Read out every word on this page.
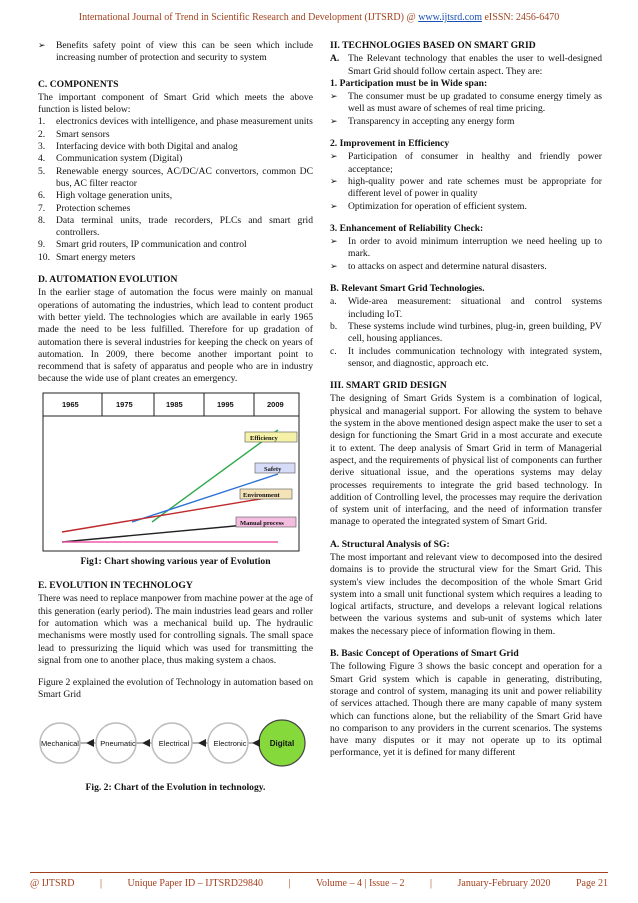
International Journal of Trend in Scientific Research and Development (IJTSRD) @ www.ijtsrd.com eISSN: 2456-6470
➢ Benefits safety point of view this can be seen which include increasing number of protection and security to system
C. COMPONENTS

The important component of Smart Grid which meets the above function is listed below:

1. electronics devices with intelligence, and phase measurement units
2. Smart sensors
3. Interfacing device with both Digital and analog
4. Communication system (Digital)
5. Renewable energy sources, AC/DC/AC convertors, common DC bus, AC filter reactor
6. High voltage generation units,
7. Protection schemes
8. Data terminal units, trade recorders, PLCs and smart grid controllers.
9. Smart grid routers, IP communication and control
10. Smart energy meters
D. AUTOMATION EVOLUTION

In the earlier stage of automation the focus were mainly on manual operations of automating the industries, which lead to content product with better yield. The technologies which are available in early 1965 made the need to be less fulfilled. Therefore for up gradation of automation there is several industries for keeping the check on years of automation. In 2009, there become another important point to recommend that is safety of apparatus and people who are in industry because the wide use of plant creates an emergency.

1965	1975	1985	1995	2009
Efficiency
Safety
Environment
Manual process
Fig1: Chart showing various year of Evolution
E. EVOLUTION IN TECHNOLOGY

There was need to replace manpower from machine power at the age of this generation (early period). The main industries lead gears and roller for automation which was a mechanical build up. The hydraulic mechanisms were mostly used for controlling signals. The small space lead to pressurizing the liquid which was used for transmitting the signal from one to another place, thus making system a chaos.

Figure 2 explained the evolution of Technology in automation based on Smart Grid

Mechanical	Pneumatic	Electrical	Electronic	Digital
Fig. 2: Chart of the Evolution in technology.
II. TECHNOLOGIES BASED ON SMART GRID
A. The Relevant technology that enables the user to well-designed Smart Grid should follow certain aspect. They are:
1. Participation must be in Wide span:
➢ The consumer must be up gradated to consume energy timely as well as must aware of schemes of real time pricing.
➢ Transparency in accepting any energy form
2. Improvement in Efficiency
➢ Participation of consumer in healthy and friendly power acceptance;
➢ high-quality power and rate schemes must be appropriate for different level of power in quality
➢ Optimization for operation of efficient system.
3. Enhancement of Reliability Check:
➢ In order to avoid minimum interruption we need heeling up to mark.
➢ to attacks on aspect and determine natural disasters.
B. Relevant Smart Grid Technologies.
a. Wide-area measurement: situational and control systems including IoT.
b. These systems include wind turbines, plug-in, green building, PV cell, housing appliances.
c. It includes communication technology with integrated system, sensor, and diagnostic, approach etc.
III. SMART GRID DESIGN

The designing of Smart Grids System is a combination of logical, physical and managerial support. For allowing the system to behave the system in the above mentioned design aspect make the user to set a design for functioning the Smart Grid in a most accurate and execute it to extent. The deep analysis of Smart Grid in term of Managerial aspect, and the requirements of physical list of components can further derive situational issue, and the operations systems may delay processes requirements to integrate the grid based technology. In addition of Controlling level, the processes may require the derivation of system unit of interfacing, and the need of information transfer manage to operated the integrated system of Smart Grid.

A. Structural Analysis of SG:

The most important and relevant view to decomposed into the desired domains is to provide the structural view for the Smart Grid. This system's view includes the decomposition of the whole Smart Grid system into a small unit functional system which requires a leading to logical artifacts, structure, and develops a relevant logical relations between the various systems and sub-unit of systems which later makes the necessary piece of information flowing in them.

B. Basic Concept of Operations of Smart Grid

The following Figure 3 shows the basic concept and operation for a Smart Grid system which is capable in generating, distributing, storage and control of system, managing its unit and power reliability of services attached. Though there are many capable of many system which can functions alone, but the reliability of the Smart Grid have no comparison to any providers in the current scenarios. The systems have many disputes or it may not operate up to its optimal performance, yet it is defined for many different

@ IJTSRD	|	Unique Paper ID – IJTSRD29840	|	Volume – 4 | Issue – 2	|	January-February 2020	Page 21
